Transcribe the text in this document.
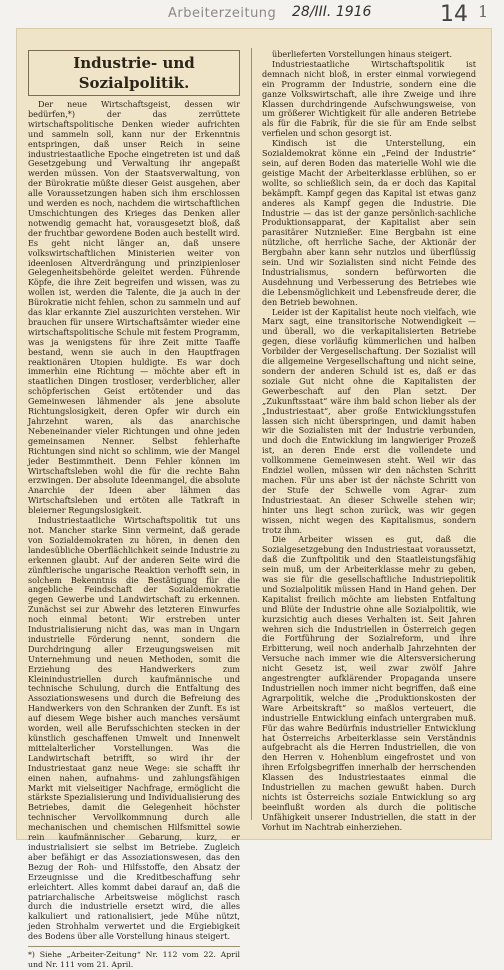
Arbeiterzeitung 28/III. 1916	14 1
Industrie- und Sozialpolitik.

Der neue Wirtschaftsgeist, dessen wir bedürfen,*) der das zerrüttete wirtschaftspolitische Denken wieder aufrichten und sammeln soll, kann nur der Erkenntnis entspringen, daß unser Reich in seine industriestaatliche Epoche eingetreten ist und daß Gesetzgebung und Verwaltung ihr angepaßt werden müssen. Von der Staatsverwaltung, von der Bürokratie müßte dieser Geist ausgehen, aber alle Voraussetzungen haben sich ihm erschlossen und werden es noch, nachdem die wirtschaftlichen Umschichtungen des Krieges das Denken aller notwendig gemacht hat, vorausgesetzt bloß, daß der fruchtbar gewordene Boden auch bestellt wird. Es geht nicht länger an, daß unsere volkswirtschaftlichen Ministerien weiter von ideenlosen Altverdrängung und prinzipienloser Gelegenheitsbehörde geleitet werden. Führende Köpfe, die ihre Zeit begreifen und wissen, was zu wollen ist, werden die Talente, die ja auch in der Bürokratie nicht fehlen, schon zu sammeln und auf das klar erkannte Ziel auszurichten verstehen. Wir brauchen für unsere Wirtschaftsämter wieder eine wirtschaftspolitische Schule mit festem Programm, was ja wenigstens für ihre Zeit mitte Taaffe bestand, wenn sie auch in den Hauptfragen reaktionären Utopien huldigte. Es war doch immerhin eine Richtung — möchte aber eft in staatlichen Dingen trostloser, verderblicher, aller schöpferischen Geist ertötender und das Gemeinwesen lähmender als jene absolute Richtungslosigkeit, deren Opfer wir durch ein Jahrzehnt waren, als das anarchische Nebeneinander vieler Richtungen und ohne jeden gemeinsamen Nenner. Selbst fehlerhafte Richtungen sind nicht so schlimm, wie der Mangel jeder Bestimmtheit. Denn Fehler können im Wirtschaftsleben wohl die für die rechte Bahn erzwingen. Der absolute Ideenmangel, die absolute Anarchie der Ideen aber lähmen das Wirtschaftsleben und ertöten alle Tatkraft in bleierner Regungslosigkeit.

Industriestaatliche Wirtschaftspolitik tut uns not. Mancher starke Sinn vermeint, daß gerade von Sozialdemokraten zu hören, in denen den landesübliche Oberflächlichkeit seinde Industrie zu erkennen glaubt. Auf der anderen Seite wird die zünftlerische ungarische Reaktion verhofft sein, in solchem Bekenntnis die Bestätigung für die angebliche Feindschaft der Sozialdemokratie gegen Gewerbe und Landwirtschaft zu erkennen. Zunächst sei zur Abwehr des letzteren Einwurfes noch einmal betont: Wir erstreben unter Industrialisierung nicht das, was man in Ungarn industrielle Förderung nennt, sondern die Durchdringung aller Erzeugungsweisen mit Unternehmung und neuen Methoden, somit die Erziehung des Handwerkers zum Kleinindustriellen durch kaufmännische und technische Schulung, durch die Entfaltung des Assoziationswesens und durch die Befreiung des Handwerkers von den Schranken der Zunft. Es ist auf diesem Wege bisher auch manches versäumt worden, weil alle Berufsschichten stecken in der künstlich geschaffenen Umwelt und Innenwelt mittelalterlicher Vorstellungen. Was die Landwirtschaft betrifft, so wird ihr der Industriestaat ganz neue Wege: sie schafft ihr einen nahen, aufnahms- und zahlungsfähigen Markt mit vielseitiger Nachfrage, ermöglicht die stärkste Spezialisierung und Individualisierung des Betriebes, damit die Gelegenheit höchster technischer Vervollkommnung durch alle mechanischen und chemischen Hilfsmittel sowie rein kaufmännischer Gebarung, kurz, er industrialisiert sie selbst im Betriebe. Zugleich aber befähigt er das Assoziationswesen, das den Bezug der Roh- und Hilfsstoffe, den Absatz der Erzeugnisse und die Kreditbeschaffung sehr erleichtert. Alles kommt dabei darauf an, daß die patriarchalische Arbeitsweise möglichst rasch durch die industrielle ersetzt wird, die alles kalkuliert und rationalisiert, jede Mühe nützt, jeden Strohhalm verwertet und die Ergiebigkeit des Bodens über alle Vorstellung hinaus steigert.

*) Siehe „Arbeiter-Zeitung“ Nr. 112 vom 22. April und Nr. 111 vom 21. April.

überlieferten Vorstellungen hinaus steigert.

Industriestaatliche Wirtschaftspolitik ist demnach nicht bloß, in erster einmal vorwiegend ein Programm der Industrie, sondern eine die ganze Volkswirtschaft, alle ihre Zweige und ihre Klassen durchdringende Aufschwungsweise, von um größerer Wichtigkeit für alle anderen Betriebe als für die Fabrik, für die sie für am Ende selbst verfielen und schon gesorgt ist.

Kindisch ist die Unterstellung, ein Sozialdemokrat könne ein „Feind der Industrie“ sein, auf deren Boden das materielle Wohl wie die geistige Macht der Arbeiterklasse erblühen, so er wollte, so schließlich sein, da er doch das Kapital bekämpft. Kampf gegen das Kapital ist etwas ganz anderes als Kampf gegen die Industrie. Die Industrie — das ist der ganze persönlich-sachliche Produktionsapparat, der Kapitalist aber sein parasitärer Nutznießer. Eine Bergbahn ist eine nützliche, oft herrliche Sache, der Aktionär der Bergbahn aber kann sehr nutzlos und überflüssig sein. Und wir Sozialisten sind nicht Feinde des Industrialismus, sondern befürworten die Ausdehnung und Verbesserung des Betriebes wie die Lebensmöglichkeit und Lebensfreude derer, die den Betrieb bewohnen.

Leider ist der Kapitalist heute noch vielfach, wie Marx sagt, eine transitorische Notwendigkeit — und überall, wo die verkapitalisierten Betriebe gegen, diese vorläufig kümmerlichen und halben Vorbilder der Vergesellschaftung. Der Sozialist will die allgemeine Vergesellschaftung und nicht seine, sondern der anderen Schuld ist es, daß er das soziale Gut nicht ohne die Kapitalisten der Gewerbeschaft auf den Plan setzt. Der „Zukunftsstaat“ wäre ihm bald schon lieber als der „Industriestaat“, aber große Entwicklungsstufen lassen sich nicht überspringen, und damit haben wir die Sozialisten mit der Industrie verbunden, und doch die Entwicklung im langwieriger Prozeß ist, an deren Ende erst die vollendete und vollkommene Gemeinwesen steht. Weil wir das Endziel wollen, müssen wir den nächsten Schritt machen. Für uns aber ist der nächste Schritt von der Stufe der Schwelle vom Agrar- zum Industriestaat. An dieser Schwelle stehen wir; hinter uns liegt schon zurück, was wir gegen wissen, nicht wegen des Kapitalismus, sondern trotz ihm.

Die Arbeiter wissen es gut, daß die Sozialgesetzgebung den Industriestaat voraussetzt, daß die Zunftpolitik und den Staatleistungsfähig sein muß, um der Arbeiterklasse mehr zu geben, was sie für die gesellschaftliche Industriepolitik und Sozialpolitik müssen Hand in Hand gehen. Der Kapitalist freilich möchte am liebsten Entfaltung und Blüte der Industrie ohne alle Sozialpolitik, wie kurzsichtig auch dieses Verhalten ist. Seit Jahren wehren sich die Industriellen in Österreich gegen die Fortführung der Sozialreform, und ihre Erbitterung, weil noch anderhalb Jahrzehnten der Versuche nach immer wie die Altersversicherung nicht Gesetz ist, weil zwar zwölf Jahre angestrengter aufklärender Propaganda unsere Industriellen noch immer nicht begriffen, daß eine Agrarpolitik, welche die „Produktionskosten der Ware Arbeitskraft“ so maßlos verteuert, die industrielle Entwicklung einfach untergraben muß. Für das wahre Bedürfnis industrieller Entwicklung hat Österreichs Arbeiterklasse sein Verständnis aufgebracht als die Herren Industriellen, die von den Herren v. Hohenblum eingefrostet und von ihren Erfolgsbegriffen innerhalb der herrschenden Klassen des Industriestaates einmal die Industriellen zu machen gewußt haben. Durch nichts ist Österreichs soziale Entwicklung so arg beeinflußt worden als durch die politische Unfähigkeit unserer Industriellen, die statt in der Vorhut im Nachtrab einherziehen.
